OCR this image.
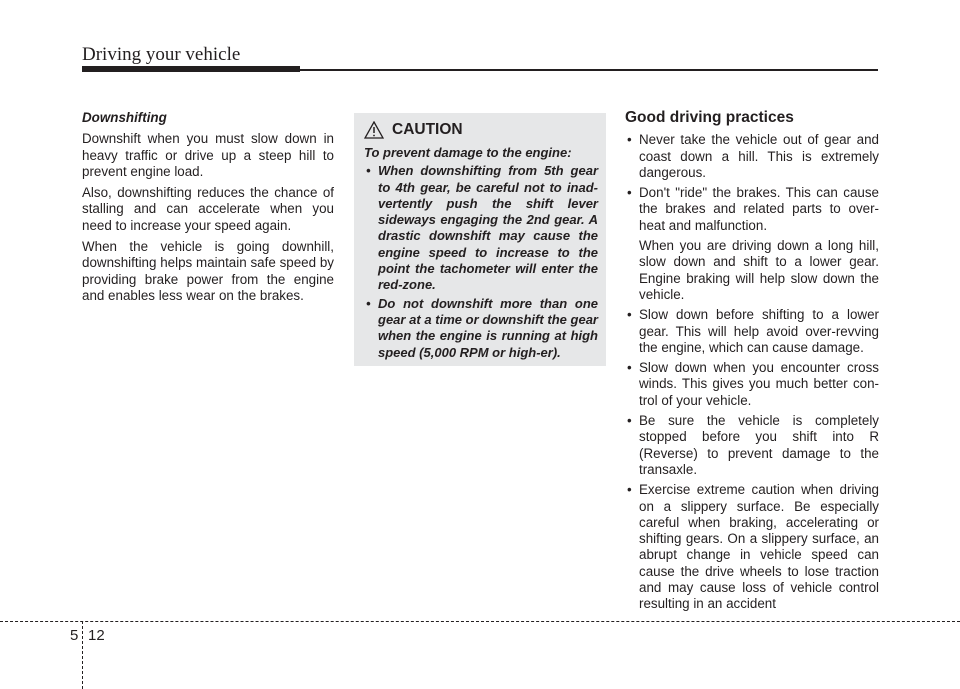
Driving your vehicle

Downshifting

Downshift when you must slow down in heavy traffic or drive up a steep hill to prevent engine load.

Also, downshifting reduces the chance of stalling and can accelerate when you need to increase your speed again.

When the vehicle is going downhill, downshifting helps maintain safe speed by providing brake power from the engine and enables less wear on the brakes.

CAUTION

To prevent damage to the engine:

• When downshifting from 5th gear to 4th gear, be careful not to inad-vertently push the shift lever sideways engaging the 2nd gear. A drastic downshift may cause the engine speed to increase to the point the tachometer will enter the red-zone.
• Do not downshift more than one gear at a time or downshift the gear when the engine is running at high speed (5,000 RPM or high-er).
Good driving practices

• Never take the vehicle out of gear and coast down a hill. This is extremely dangerous.

• Don't "ride" the brakes. This can cause the brakes and related parts to over-heat and malfunction.

When you are driving down a long hill, slow down and shift to a lower gear. Engine braking will help slow down the vehicle.

• Slow down before shifting to a lower gear. This will help avoid over-revving the engine, which can cause damage.

• Slow down when you encounter cross winds. This gives you much better con-trol of your vehicle.

• Be sure the vehicle is completely stopped before you shift into R (Reverse) to prevent damage to the transaxle.

• Exercise extreme caution when driving on a slippery surface. Be especially careful when braking, accelerating or shifting gears. On a slippery surface, an abrupt change in vehicle speed can cause the drive wheels to lose traction and may cause loss of vehicle control resulting in an accident

5 12
